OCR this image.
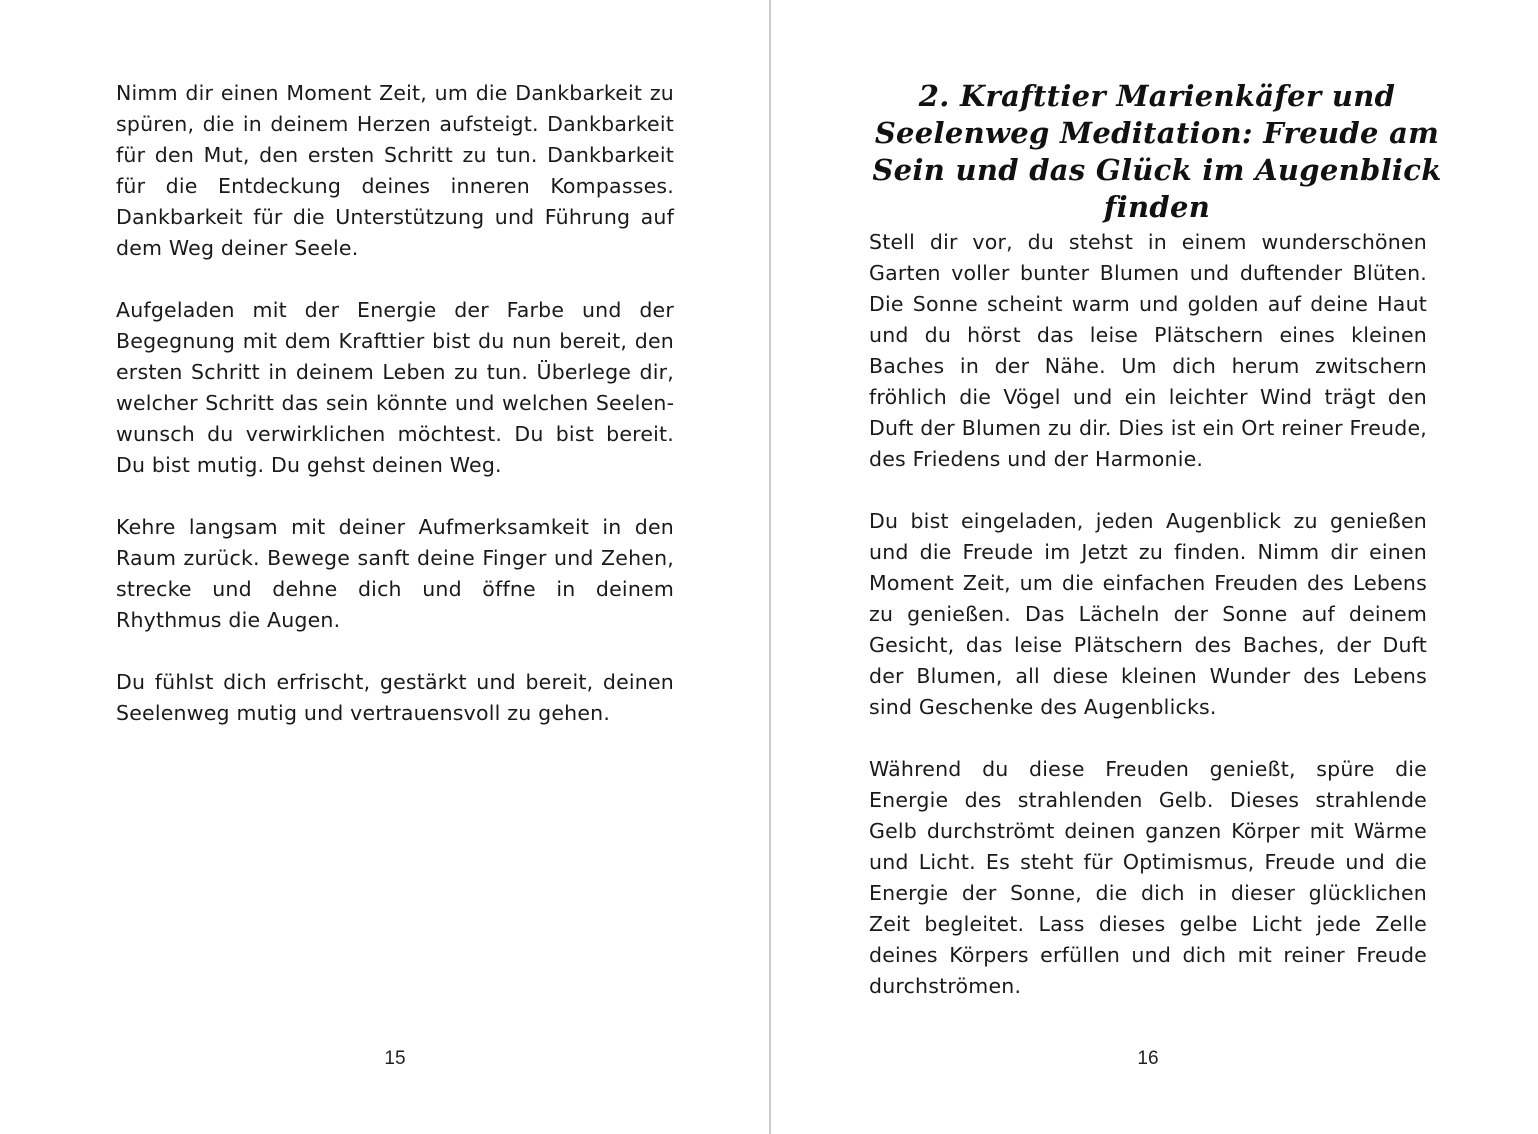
Nimm dir einen Moment Zeit, um die Dankbarkeit zu spüren, die in deinem Herzen aufsteigt. Dankbarkeit für den Mut, den ersten Schritt zu tun. Dankbarkeit für die Entdeckung deines inneren Kompasses. Dankbarkeit für die Unterstützung und Führung auf dem Weg deiner Seele.

Aufgeladen mit der Energie der Farbe und der Begegnung mit dem Krafttier bist du nun bereit, den ersten Schritt in deinem Leben zu tun. Überlege dir, welcher Schritt das sein könnte und welchen Seelenwunsch du verwirklichen möchtest. Du bist bereit. Du bist mutig. Du gehst deinen Weg.

Kehre langsam mit deiner Aufmerksamkeit in den Raum zurück. Bewege sanft deine Finger und Zehen, strecke und dehne dich und öffne in deinem Rhythmus die Augen.

Du fühlst dich erfrischt, gestärkt und bereit, deinen Seelenweg mutig und vertrauensvoll zu gehen.

15
2. Krafttier Marienkäfer und Seelenweg Meditation: Freude am Sein und das Glück im Augenblick finden

Stell dir vor, du stehst in einem wunderschönen Garten voller bunter Blumen und duftender Blüten. Die Sonne scheint warm und golden auf deine Haut und du hörst das leise Plätschern eines kleinen Baches in der Nähe. Um dich herum zwitschern fröhlich die Vögel und ein leichter Wind trägt den Duft der Blumen zu dir. Dies ist ein Ort reiner Freude, des Friedens und der Harmonie.

Du bist eingeladen, jeden Augenblick zu genießen und die Freude im Jetzt zu finden. Nimm dir einen Moment Zeit, um die einfachen Freuden des Lebens zu genießen. Das Lächeln der Sonne auf deinem Gesicht, das leise Plätschern des Baches, der Duft der Blumen, all diese kleinen Wunder des Lebens sind Geschenke des Augenblicks.

Während du diese Freuden genießt, spüre die Energie des strahlenden Gelb. Dieses strahlende Gelb durchströmt deinen ganzen Körper mit Wärme und Licht. Es steht für Optimismus, Freude und die Energie der Sonne, die dich in dieser glücklichen Zeit begleitet. Lass dieses gelbe Licht jede Zelle deines Körpers erfüllen und dich mit reiner Freude durchströmen.

16
